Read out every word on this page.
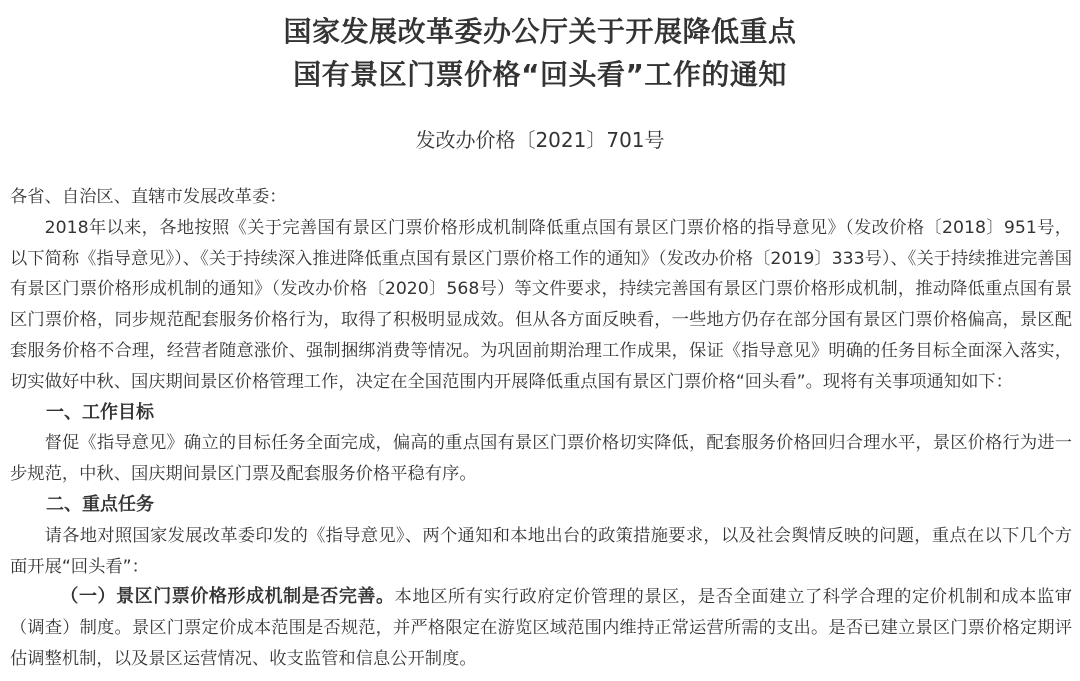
国家发展改革委办公厅关于开展降低重点
国有景区门票价格“回头看”工作的通知
发改办价格〔2021〕701号

各省、自治区、直辖市发展改革委：

2018年以来，各地按照《关于完善国有景区门票价格形成机制降低重点国有景区门票价格的指导意见》（发改价格〔2018〕951号，以下简称《指导意见》）、《关于持续深入推进降低重点国有景区门票价格工作的通知》（发改办价格〔2019〕333号）、《关于持续推进完善国有景区门票价格形成机制的通知》（发改办价格〔2020〕568号）等文件要求，持续完善国有景区门票价格形成机制，推动降低重点国有景区门票价格，同步规范配套服务价格行为，取得了积极明显成效。但从各方面反映看，一些地方仍存在部分国有景区门票价格偏高，景区配套服务价格不合理，经营者随意涨价、强制捆绑消费等情况。为巩固前期治理工作成果，保证《指导意见》明确的任务目标全面深入落实，切实做好中秋、国庆期间景区价格管理工作，决定在全国范围内开展降低重点国有景区门票价格“回头看”。现将有关事项通知如下：

一、工作目标

督促《指导意见》确立的目标任务全面完成，偏高的重点国有景区门票价格切实降低，配套服务价格回归合理水平，景区价格行为进一步规范，中秋、国庆期间景区门票及配套服务价格平稳有序。

二、重点任务

请各地对照国家发展改革委印发的《指导意见》、两个通知和本地出台的政策措施要求，以及社会舆情反映的问题，重点在以下几个方面开展“回头看”：

（一）景区门票价格形成机制是否完善。本地区所有实行政府定价管理的景区，是否全面建立了科学合理的定价机制和成本监审（调查）制度。景区门票定价成本范围是否规范，并严格限定在游览区域范围内维持正常运营所需的支出。是否已建立景区门票价格定期评估调整机制，以及景区运营情况、收支监管和信息公开制度。
